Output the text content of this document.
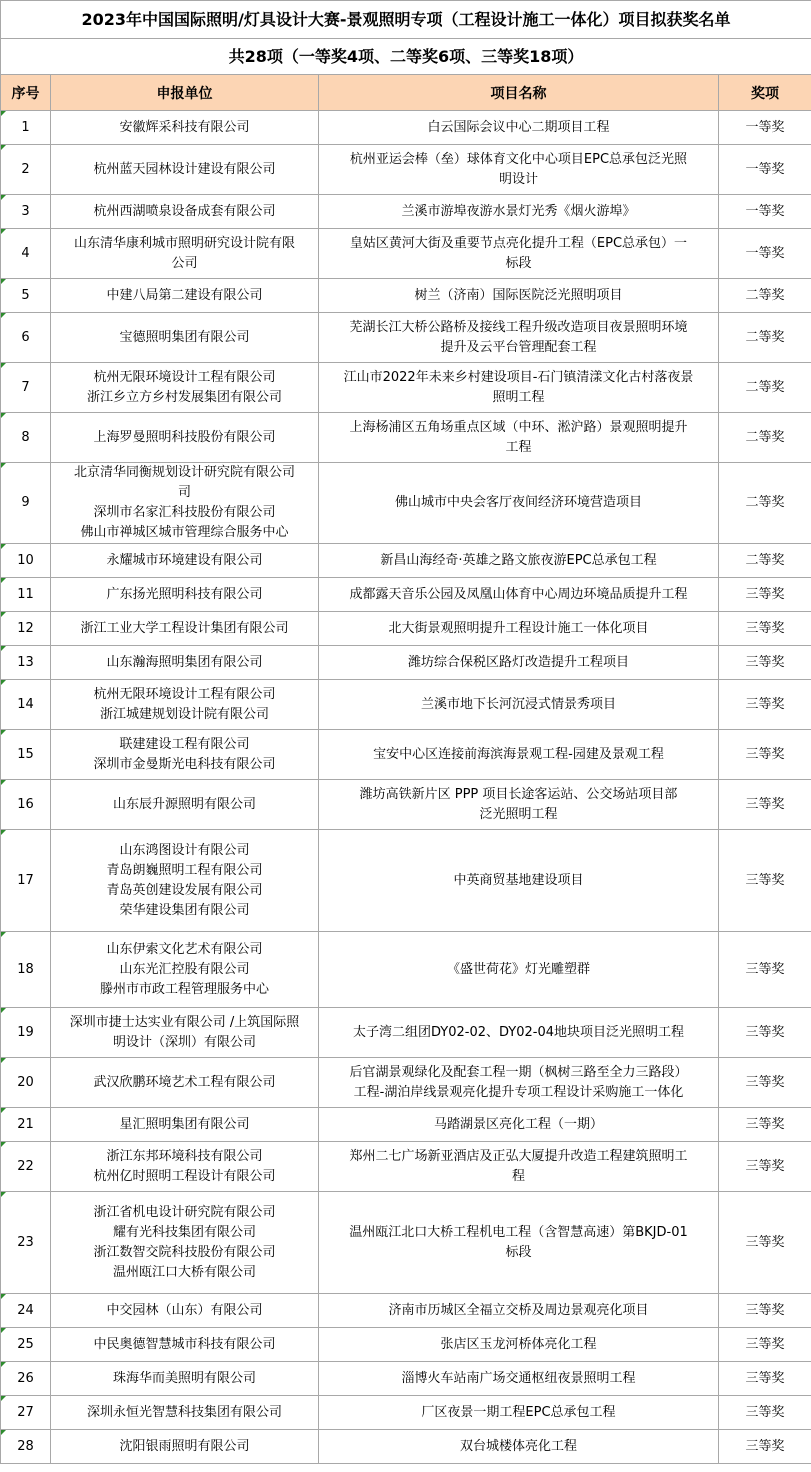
2023年中国国际照明/灯具设计大赛-景观照明专项（工程设计施工一体化）项目拟获奖名单			
共28项（一等奖4项、二等奖6项、三等奖18项）			
序号	申报单位	项目名称	奖项
1	安徽辉采科技有限公司	白云国际会议中心二期项目工程	一等奖
2	杭州蓝天园林设计建设有限公司	杭州亚运会棒（垒）球体育文化中心项目EPC总承包泛光照
明设计	一等奖
3	杭州西湖喷泉设备成套有限公司	兰溪市游埠夜游水景灯光秀《烟火游埠》	一等奖
4	山东清华康利城市照明研究设计院有限
公司	皇姑区黄河大街及重要节点亮化提升工程（EPC总承包）一
标段	一等奖
5	中建八局第二建设有限公司	树兰（济南）国际医院泛光照明项目	二等奖
6	宝德照明集团有限公司	芜湖长江大桥公路桥及接线工程升级改造项目夜景照明环境
提升及云平台管理配套工程	二等奖
7	杭州无限环境设计工程有限公司
浙江乡立方乡村发展集团有限公司	江山市2022年未来乡村建设项目-石门镇清漾文化古村落夜景
照明工程	二等奖
8	上海罗曼照明科技股份有限公司	上海杨浦区五角场重点区域（中环、淞沪路）景观照明提升
工程	二等奖
9	北京清华同衡规划设计研究院有限公司
司
深圳市名家汇科技股份有限公司
佛山市禅城区城市管理综合服务中心	佛山城市中央会客厅夜间经济环境营造项目	二等奖
10	永耀城市环境建设有限公司	新昌山海经奇·英雄之路文旅夜游EPC总承包工程	二等奖
11	广东扬光照明科技有限公司	成都露天音乐公园及凤凰山体育中心周边环境品质提升工程	三等奖
12	浙江工业大学工程设计集团有限公司	北大街景观照明提升工程设计施工一体化项目	三等奖
13	山东瀚海照明集团有限公司	潍坊综合保税区路灯改造提升工程项目	三等奖
14	杭州无限环境设计工程有限公司
浙江城建规划设计院有限公司	兰溪市地下长河沉浸式情景秀项目	三等奖
15	联建建设工程有限公司
深圳市金曼斯光电科技有限公司	宝安中心区连接前海滨海景观工程-园建及景观工程	三等奖
16	山东辰升源照明有限公司	潍坊高铁新片区 PPP 项目长途客运站、公交场站项目部
泛光照明工程	三等奖
17	山东鸿图设计有限公司
青岛朗巍照明工程有限公司
青岛英创建设发展有限公司
荣华建设集团有限公司	中英商贸基地建设项目	三等奖
18	山东伊索文化艺术有限公司
山东光汇控股有限公司
滕州市市政工程管理服务中心	《盛世荷花》灯光雕塑群	三等奖
19	深圳市捷士达实业有限公司 /上筑国际照
明设计（深圳）有限公司	太子湾二组团DY02-02、DY02-04地块项目泛光照明工程	三等奖
20	武汉欣鹏环境艺术工程有限公司	后官湖景观绿化及配套工程一期（枫树三路至全力三路段）
工程-湖泊岸线景观亮化提升专项工程设计采购施工一体化	三等奖
21	星汇照明集团有限公司	马踏湖景区亮化工程（一期）	三等奖
22	浙江东邦环境科技有限公司
杭州亿时照明工程设计有限公司	郑州二七广场新亚酒店及正弘大厦提升改造工程建筑照明工
程	三等奖
23	浙江省机电设计研究院有限公司
耀有光科技集团有限公司
浙江数智交院科技股份有限公司
温州瓯江口大桥有限公司	温州瓯江北口大桥工程机电工程（含智慧高速）第BKJD-01
标段	三等奖
24	中交园林（山东）有限公司	济南市历城区全福立交桥及周边景观亮化项目	三等奖
25	中民奥德智慧城市科技有限公司	张店区玉龙河桥体亮化工程	三等奖
26	珠海华而美照明有限公司	淄博火车站南广场交通枢纽夜景照明工程	三等奖
27	深圳永恒光智慧科技集团有限公司	厂区夜景一期工程EPC总承包工程	三等奖
28	沈阳银雨照明有限公司	双台城楼体亮化工程	三等奖
